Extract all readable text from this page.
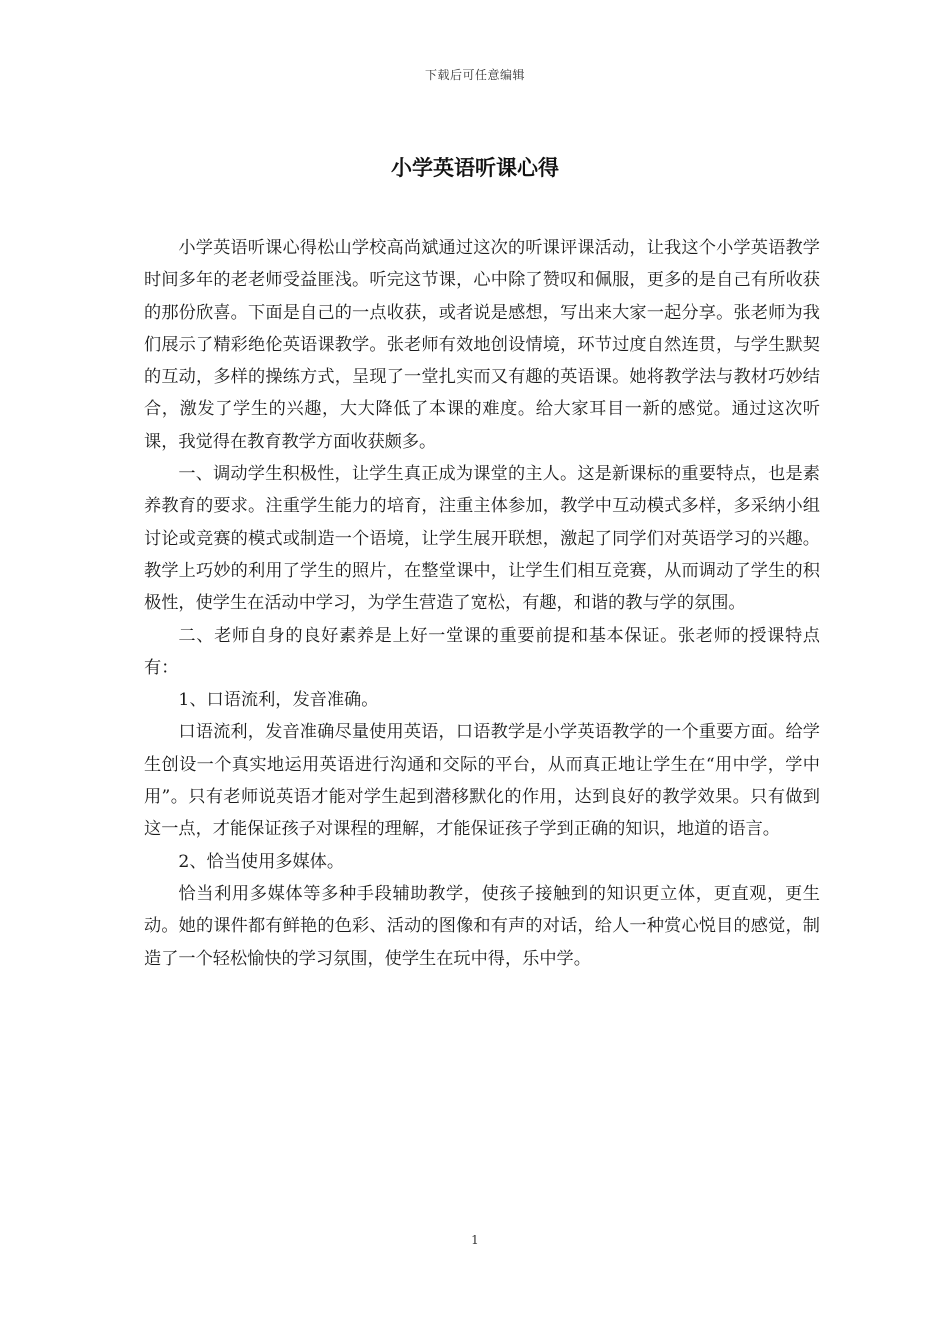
下载后可任意编辑
小学英语听课心得

小学英语听课心得松山学校高尚斌通过这次的听课评课活动，让我这个小学英语教学时间多年的老老师受益匪浅。听完这节课，心中除了赞叹和佩服，更多的是自己有所收获的那份欣喜。下面是自己的一点收获，或者说是感想，写出来大家一起分享。张老师为我们展示了精彩绝伦英语课教学。张老师有效地创设情境，环节过度自然连贯，与学生默契的互动，多样的操练方式，呈现了一堂扎实而又有趣的英语课。她将教学法与教材巧妙结合，激发了学生的兴趣，大大降低了本课的难度。给大家耳目一新的感觉。通过这次听课，我觉得在教育教学方面收获颇多。

一、调动学生积极性，让学生真正成为课堂的主人。这是新课标的重要特点，也是素养教育的要求。注重学生能力的培育，注重主体参加，教学中互动模式多样，多采纳小组讨论或竞赛的模式或制造一个语境，让学生展开联想，激起了同学们对英语学习的兴趣。教学上巧妙的利用了学生的照片，在整堂课中，让学生们相互竞赛，从而调动了学生的积极性，使学生在活动中学习，为学生营造了宽松，有趣，和谐的教与学的氛围。

二、老师自身的良好素养是上好一堂课的重要前提和基本保证。张老师的授课特点有：

1、口语流利，发音准确。

口语流利，发音准确尽量使用英语，口语教学是小学英语教学的一个重要方面。给学生创设一个真实地运用英语进行沟通和交际的平台，从而真正地让学生在“用中学，学中用”。只有老师说英语才能对学生起到潜移默化的作用，达到良好的教学效果。只有做到这一点，才能保证孩子对课程的理解，才能保证孩子学到正确的知识，地道的语言。

2、恰当使用多媒体。

恰当利用多媒体等多种手段辅助教学，使孩子接触到的知识更立体，更直观，更生动。她的课件都有鲜艳的色彩、活动的图像和有声的对话，给人一种赏心悦目的感觉，制造了一个轻松愉快的学习氛围，使学生在玩中得，乐中学。

1
